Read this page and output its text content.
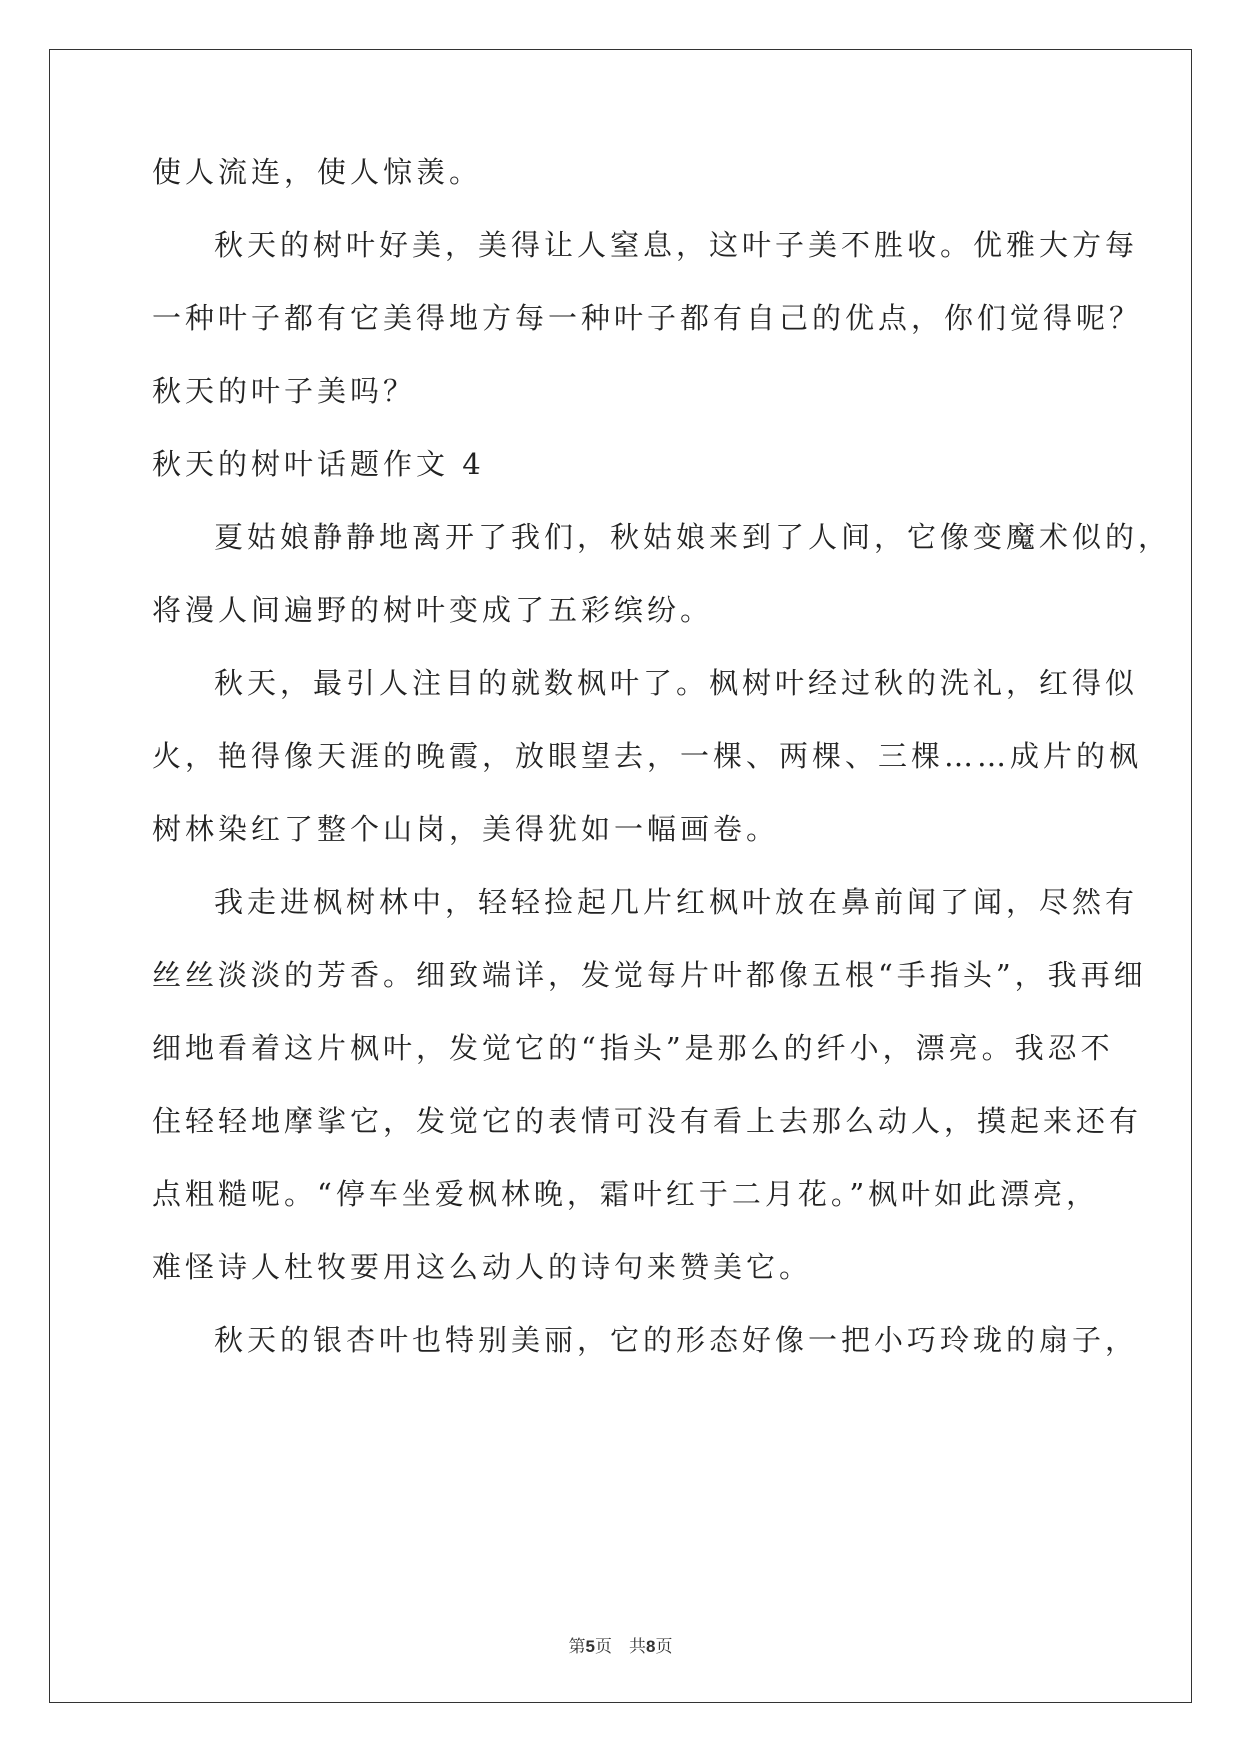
使人流连，使人惊羡。
秋天的树叶好美，美得让人窒息，这叶子美不胜收。优雅大方每
一种叶子都有它美得地方每一种叶子都有自己的优点，你们觉得呢？
秋天的叶子美吗？
秋天的树叶话题作文 4
夏姑娘静静地离开了我们，秋姑娘来到了人间，它像变魔术似的，
将漫人间遍野的树叶变成了五彩缤纷。
秋天，最引人注目的就数枫叶了。枫树叶经过秋的洗礼，红得似
火，艳得像天涯的晚霞，放眼望去，一棵、两棵、三棵……成片的枫
树林染红了整个山岗，美得犹如一幅画卷。
我走进枫树林中，轻轻捡起几片红枫叶放在鼻前闻了闻，尽然有
丝丝淡淡的芳香。细致端详，发觉每片叶都像五根“手指头”，我再细
细地看着这片枫叶，发觉它的“指头”是那么的纤小，漂亮。我忍不
住轻轻地摩挲它，发觉它的表情可没有看上去那么动人，摸起来还有
点粗糙呢。“停车坐爱枫林晚，霜叶红于二月花。”枫叶如此漂亮，
难怪诗人杜牧要用这么动人的诗句来赞美它。
秋天的银杏叶也特别美丽，它的形态好像一把小巧玲珑的扇子，
第5页　共8页
